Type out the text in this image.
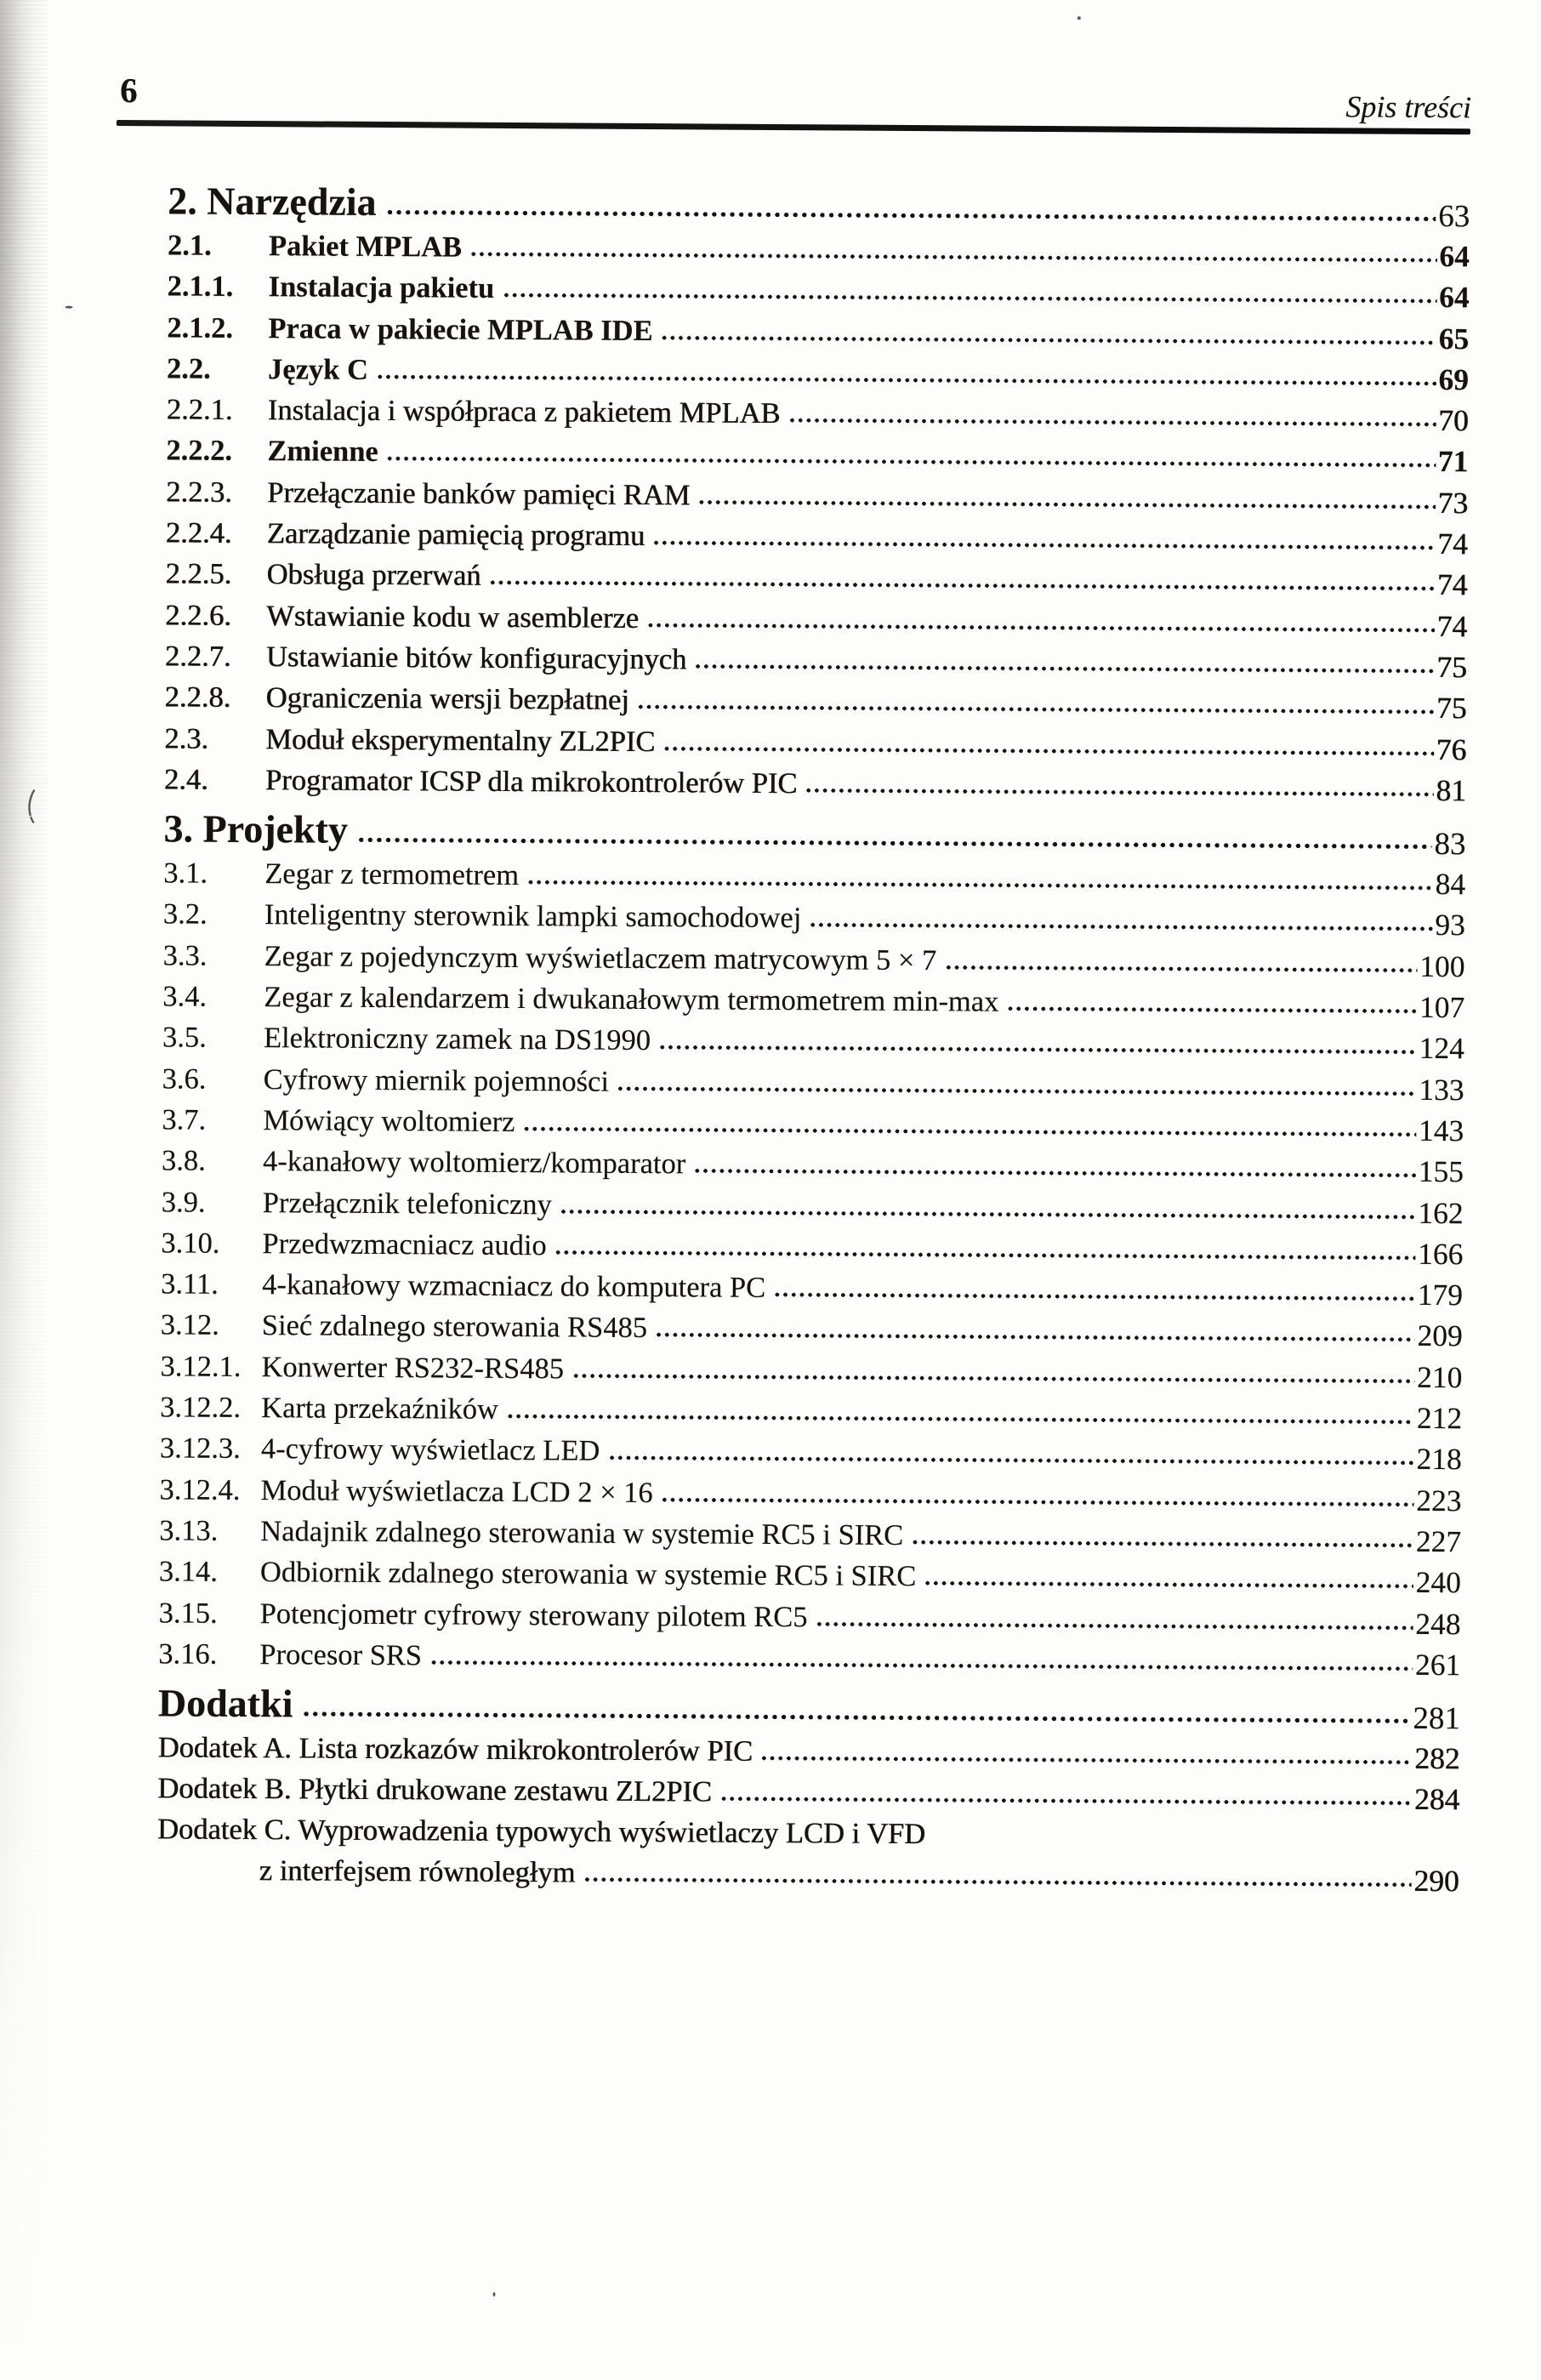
6	Spis treści
2. Narzędzia	63
2.1.	Pakiet MPLAB	64
2.1.1.	Instalacja pakietu	64
2.1.2.	Praca w pakiecie MPLAB IDE	65
2.2.	Język C	69
2.2.1.	Instalacja i współpraca z pakietem MPLAB	70
2.2.2.	Zmienne	71
2.2.3.	Przełączanie banków pamięci RAM	73
2.2.4.	Zarządzanie pamięcią programu	74
2.2.5.	Obsługa przerwań	74
2.2.6.	Wstawianie kodu w asemblerze	74
2.2.7.	Ustawianie bitów konfiguracyjnych	75
2.2.8.	Ograniczenia wersji bezpłatnej	75
2.3.	Moduł eksperymentalny ZL2PIC	76
2.4.	Programator ICSP dla mikrokontrolerów PIC	81
3. Projekty	83
3.1.	Zegar z termometrem	84
3.2.	Inteligentny sterownik lampki samochodowej	93
3.3.	Zegar z pojedynczym wyświetlaczem matrycowym 5 × 7	100
3.4.	Zegar z kalendarzem i dwukanałowym termometrem min-max	107
3.5.	Elektroniczny zamek na DS1990	124
3.6.	Cyfrowy miernik pojemności	133
3.7.	Mówiący woltomierz	143
3.8.	4-kanałowy woltomierz/komparator	155
3.9.	Przełącznik telefoniczny	162
3.10.	Przedwzmacniacz audio	166
3.11.	4-kanałowy wzmacniacz do komputera PC	179
3.12.	Sieć zdalnego sterowania RS485	209
3.12.1. Konwerter RS232-RS485	210
3.12.2. Karta przekaźników	212
3.12.3. 4-cyfrowy wyświetlacz LED	218
3.12.4. Moduł wyświetlacza LCD 2 × 16	223
3.13.	Nadajnik zdalnego sterowania w systemie RC5 i SIRC	227
3.14.	Odbiornik zdalnego sterowania w systemie RC5 i SIRC	240
3.15.	Potencjometr cyfrowy sterowany pilotem RC5	248
3.16.	Procesor SRS	261
Dodatki	281
Dodatek A. Lista rozkazów mikrokontrolerów PIC	282
Dodatek B. Płytki drukowane zestawu ZL2PIC	284
Dodatek C. Wyprowadzenia typowych wyświetlaczy LCD i VFD
z interfejsem równoległym	290
